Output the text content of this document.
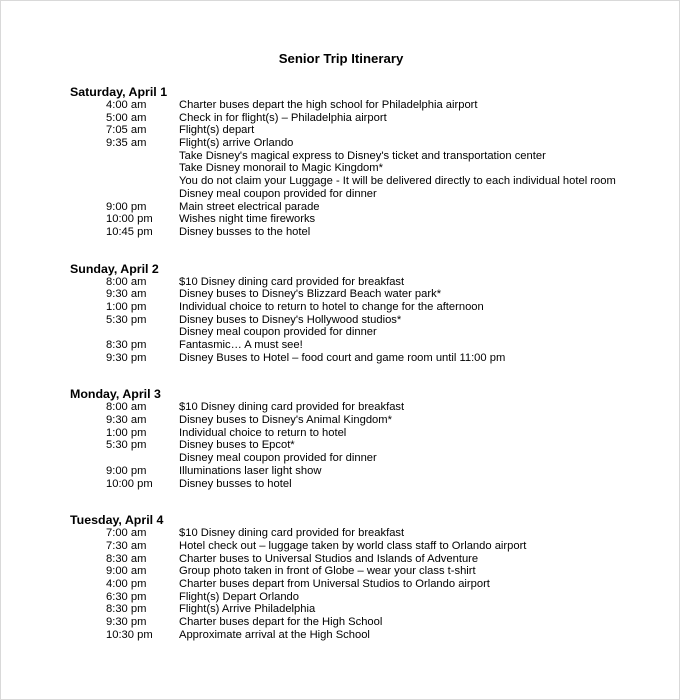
Senior Trip Itinerary
Saturday, April 1
4:00 am	Charter buses depart the high school for Philadelphia airport
5:00 am	Check in for flight(s) – Philadelphia airport
7:05 am	Flight(s) depart
9:35 am	Flight(s) arrive Orlando
Take Disney's magical express to Disney's ticket and transportation center
Take Disney monorail to Magic Kingdom*
You do not claim your Luggage - It will be delivered directly to each individual hotel room
Disney meal coupon provided for dinner
9:00 pm	Main street electrical parade
10:00 pm Wishes night time fireworks
10:45 pm Disney busses to the hotel
Sunday, April 2
8:00 am	$10 Disney dining card provided for breakfast
9:30 am	Disney buses to Disney's Blizzard Beach water park*
1:00 pm	Individual choice to return to hotel to change for the afternoon
5:30 pm	Disney buses to Disney's Hollywood studios*
Disney meal coupon provided for dinner
8:30 pm	Fantasmic… A must see!
9:30 pm	Disney Buses to Hotel – food court and game room until 11:00 pm
Monday, April 3
8:00 am	$10 Disney dining card provided for breakfast
9:30 am	Disney buses to Disney's Animal Kingdom*
1:00 pm	Individual choice to return to hotel
5:30 pm	Disney buses to Epcot*
Disney meal coupon provided for dinner
9:00 pm	Illuminations laser light show
10:00 pm Disney busses to hotel
Tuesday, April 4
7:00 am	$10 Disney dining card provided for breakfast
7:30 am	Hotel check out – luggage taken by world class staff to Orlando airport
8:30 am	Charter buses to Universal Studios and Islands of Adventure
9:00 am	Group photo taken in front of Globe – wear your class t-shirt
4:00 pm	Charter buses depart from Universal Studios to Orlando airport
6:30 pm	Flight(s) Depart Orlando
8:30 pm	Flight(s) Arrive Philadelphia
9:30 pm	Charter buses depart for the High School
10:30 pm Approximate arrival at the High School
